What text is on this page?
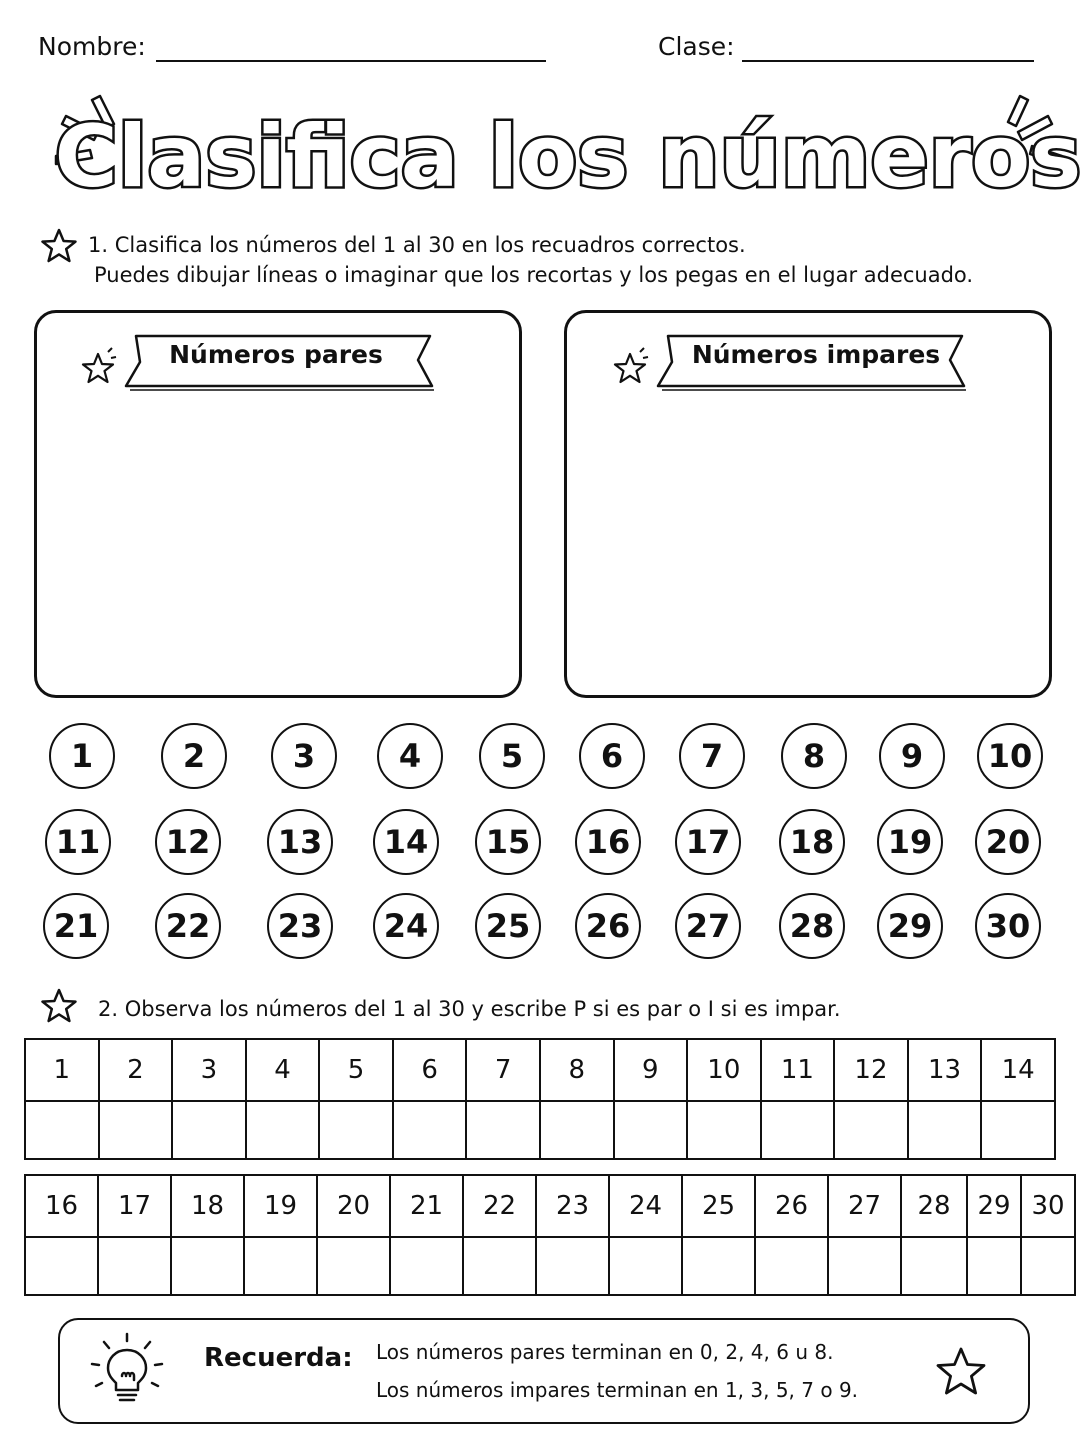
Nombre:	Clase:
Clasifica los números
1. Clasifica los números del 1 al 30 en los recuadros correctos.
Puedes dibujar líneas o imaginar que los recortas y los pegas en el lugar adecuado.
Números pares	Números impares
1	2	3	4	5	6	7	8	9	10
11	12	13	14	15	16	17	18	19	20
21	22	23	24	25	26	27	28	29	30
2. Observa los números del 1 al 30 y escribe P si es par o I si es impar.
1	2	3	4	5	6	7	8	9	10	11	12	13	14

16	17	18	19	20	21	22	23	24	25	26	27	28	29	30

Recuerda: Los números pares terminan en 0, 2, 4, 6 u 8.
Los números impares terminan en 1, 3, 5, 7 o 9.
